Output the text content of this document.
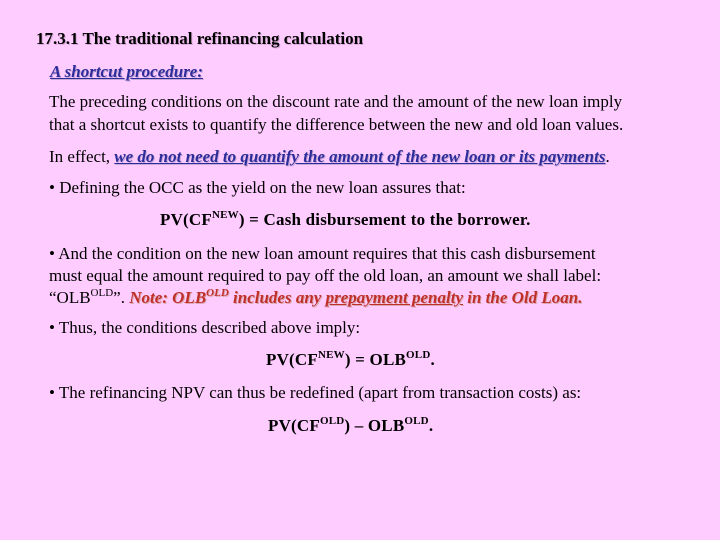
17.3.1 The traditional refinancing calculation
A shortcut procedure:
The preceding conditions on the discount rate and the amount of the new loan imply
that a shortcut exists to quantify the difference between the new and old loan values.
In effect, we do not need to quantify the amount of the new loan or its payments.
• Defining the OCC as the yield on the new loan assures that:
$PV(CF^{NEW})$ = Cash disbursement to the borrower.
• And the condition on the new loan amount requires that this cash disbursement
must equal the amount required to pay off the old loan, an amount we shall label:
“$OLB^{OLD}$”. Note: $OLB^{OLD}$ includes any prepayment penalty in the Old Loan.
• Thus, the conditions described above imply:
$PV(CF^{NEW}) = OLB^{OLD}$.
• The refinancing NPV can thus be redefined (apart from transaction costs) as:
$PV(CF^{OLD}) - OLB^{OLD}$.
